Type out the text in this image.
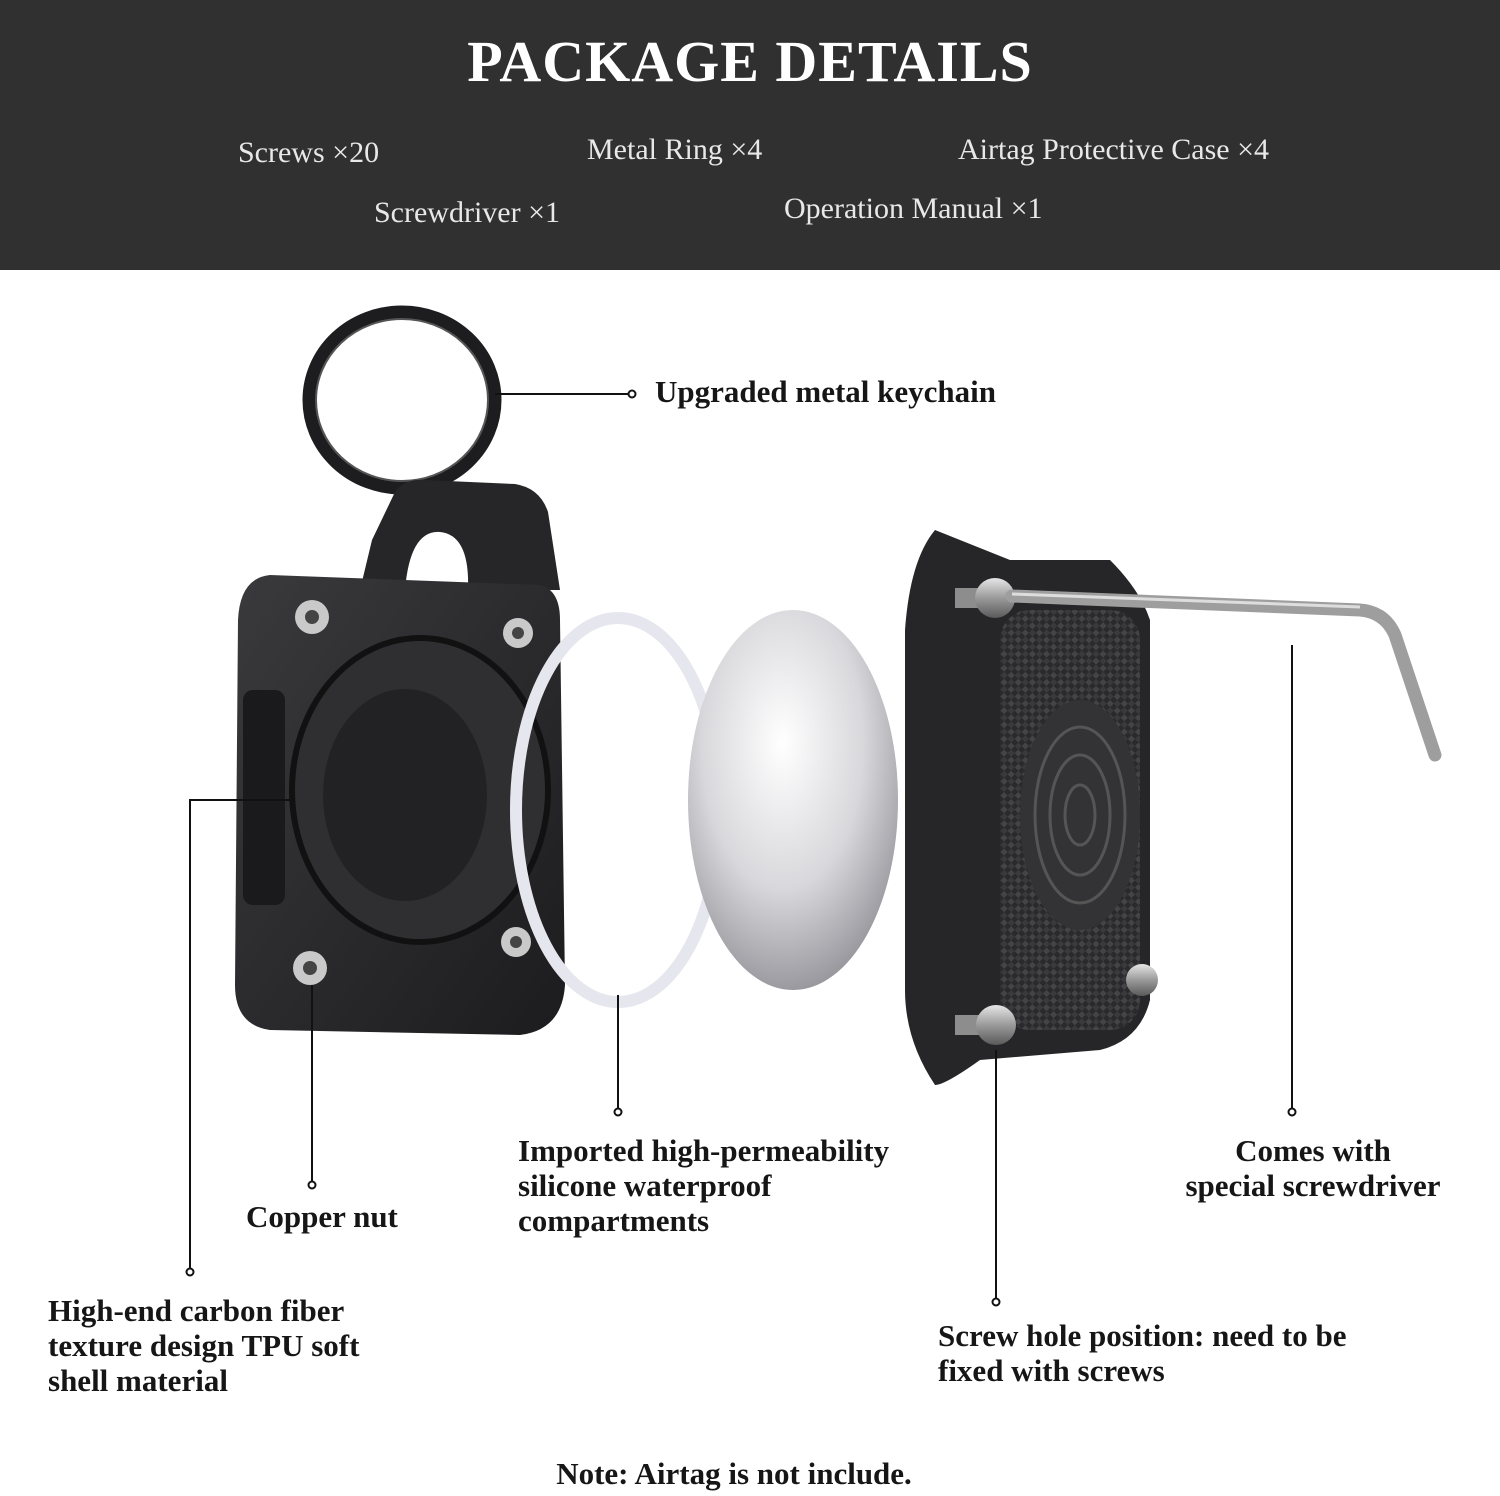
PACKAGE DETAILS
Screws ×20	Metal Ring ×4	Airtag Protective Case ×4
Screwdriver ×1	Operation Manual ×1
Upgraded metal keychain
Copper nut
Imported high-permeability
silicone waterproof
compartments
Comes with
special screwdriver
High-end carbon fiber
texture design TPU soft
shell material
Screw hole position: need to be
fixed with screws
Note: Airtag is not include.
